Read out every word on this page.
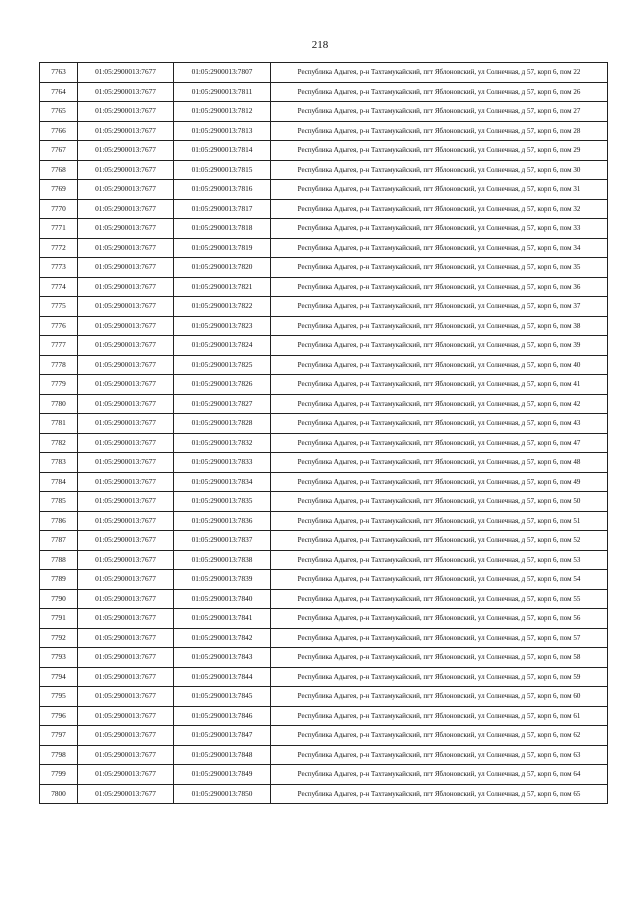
218
7763	01:05:2900013:7677	01:05:2900013:7807	Республика Адыгея, р-н Тахтамукайский, пгт Яблоновский, ул Солнечная, д 57, корп 6, пом 22
7764	01:05:2900013:7677	01:05:2900013:7811	Республика Адыгея, р-н Тахтамукайский, пгт Яблоновский, ул Солнечная, д 57, корп 6, пом 26
7765	01:05:2900013:7677	01:05:2900013:7812	Республика Адыгея, р-н Тахтамукайский, пгт Яблоновский, ул Солнечная, д 57, корп 6, пом 27
7766	01:05:2900013:7677	01:05:2900013:7813	Республика Адыгея, р-н Тахтамукайский, пгт Яблоновский, ул Солнечная, д 57, корп 6, пом 28
7767	01:05:2900013:7677	01:05:2900013:7814	Республика Адыгея, р-н Тахтамукайский, пгт Яблоновский, ул Солнечная, д 57, корп 6, пом 29
7768	01:05:2900013:7677	01:05:2900013:7815	Республика Адыгея, р-н Тахтамукайский, пгт Яблоновский, ул Солнечная, д 57, корп 6, пом 30
7769	01:05:2900013:7677	01:05:2900013:7816	Республика Адыгея, р-н Тахтамукайский, пгт Яблоновский, ул Солнечная, д 57, корп 6, пом 31
7770	01:05:2900013:7677	01:05:2900013:7817	Республика Адыгея, р-н Тахтамукайский, пгт Яблоновский, ул Солнечная, д 57, корп 6, пом 32
7771	01:05:2900013:7677	01:05:2900013:7818	Республика Адыгея, р-н Тахтамукайский, пгт Яблоновский, ул Солнечная, д 57, корп 6, пом 33
7772	01:05:2900013:7677	01:05:2900013:7819	Республика Адыгея, р-н Тахтамукайский, пгт Яблоновский, ул Солнечная, д 57, корп 6, пом 34
7773	01:05:2900013:7677	01:05:2900013:7820	Республика Адыгея, р-н Тахтамукайский, пгт Яблоновский, ул Солнечная, д 57, корп 6, пом 35
7774	01:05:2900013:7677	01:05:2900013:7821	Республика Адыгея, р-н Тахтамукайский, пгт Яблоновский, ул Солнечная, д 57, корп 6, пом 36
7775	01:05:2900013:7677	01:05:2900013:7822	Республика Адыгея, р-н Тахтамукайский, пгт Яблоновский, ул Солнечная, д 57, корп 6, пом 37
7776	01:05:2900013:7677	01:05:2900013:7823	Республика Адыгея, р-н Тахтамукайский, пгт Яблоновский, ул Солнечная, д 57, корп 6, пом 38
7777	01:05:2900013:7677	01:05:2900013:7824	Республика Адыгея, р-н Тахтамукайский, пгт Яблоновский, ул Солнечная, д 57, корп 6, пом 39
7778	01:05:2900013:7677	01:05:2900013:7825	Республика Адыгея, р-н Тахтамукайский, пгт Яблоновский, ул Солнечная, д 57, корп 6, пом 40
7779	01:05:2900013:7677	01:05:2900013:7826	Республика Адыгея, р-н Тахтамукайский, пгт Яблоновский, ул Солнечная, д 57, корп 6, пом 41
7780	01:05:2900013:7677	01:05:2900013:7827	Республика Адыгея, р-н Тахтамукайский, пгт Яблоновский, ул Солнечная, д 57, корп 6, пом 42
7781	01:05:2900013:7677	01:05:2900013:7828	Республика Адыгея, р-н Тахтамукайский, пгт Яблоновский, ул Солнечная, д 57, корп 6, пом 43
7782	01:05:2900013:7677	01:05:2900013:7832	Республика Адыгея, р-н Тахтамукайский, пгт Яблоновский, ул Солнечная, д 57, корп 6, пом 47
7783	01:05:2900013:7677	01:05:2900013:7833	Республика Адыгея, р-н Тахтамукайский, пгт Яблоновский, ул Солнечная, д 57, корп 6, пом 48
7784	01:05:2900013:7677	01:05:2900013:7834	Республика Адыгея, р-н Тахтамукайский, пгт Яблоновский, ул Солнечная, д 57, корп 6, пом 49
7785	01:05:2900013:7677	01:05:2900013:7835	Республика Адыгея, р-н Тахтамукайский, пгт Яблоновский, ул Солнечная, д 57, корп 6, пом 50
7786	01:05:2900013:7677	01:05:2900013:7836	Республика Адыгея, р-н Тахтамукайский, пгт Яблоновский, ул Солнечная, д 57, корп 6, пом 51
7787	01:05:2900013:7677	01:05:2900013:7837	Республика Адыгея, р-н Тахтамукайский, пгт Яблоновский, ул Солнечная, д 57, корп 6, пом 52
7788	01:05:2900013:7677	01:05:2900013:7838	Республика Адыгея, р-н Тахтамукайский, пгт Яблоновский, ул Солнечная, д 57, корп 6, пом 53
7789	01:05:2900013:7677	01:05:2900013:7839	Республика Адыгея, р-н Тахтамукайский, пгт Яблоновский, ул Солнечная, д 57, корп 6, пом 54
7790	01:05:2900013:7677	01:05:2900013:7840	Республика Адыгея, р-н Тахтамукайский, пгт Яблоновский, ул Солнечная, д 57, корп 6, пом 55
7791	01:05:2900013:7677	01:05:2900013:7841	Республика Адыгея, р-н Тахтамукайский, пгт Яблоновский, ул Солнечная, д 57, корп 6, пом 56
7792	01:05:2900013:7677	01:05:2900013:7842	Республика Адыгея, р-н Тахтамукайский, пгт Яблоновский, ул Солнечная, д 57, корп 6, пом 57
7793	01:05:2900013:7677	01:05:2900013:7843	Республика Адыгея, р-н Тахтамукайский, пгт Яблоновский, ул Солнечная, д 57, корп 6, пом 58
7794	01:05:2900013:7677	01:05:2900013:7844	Республика Адыгея, р-н Тахтамукайский, пгт Яблоновский, ул Солнечная, д 57, корп 6, пом 59
7795	01:05:2900013:7677	01:05:2900013:7845	Республика Адыгея, р-н Тахтамукайский, пгт Яблоновский, ул Солнечная, д 57, корп 6, пом 60
7796	01:05:2900013:7677	01:05:2900013:7846	Республика Адыгея, р-н Тахтамукайский, пгт Яблоновский, ул Солнечная, д 57, корп 6, пом 61
7797	01:05:2900013:7677	01:05:2900013:7847	Республика Адыгея, р-н Тахтамукайский, пгт Яблоновский, ул Солнечная, д 57, корп 6, пом 62
7798	01:05:2900013:7677	01:05:2900013:7848	Республика Адыгея, р-н Тахтамукайский, пгт Яблоновский, ул Солнечная, д 57, корп 6, пом 63
7799	01:05:2900013:7677	01:05:2900013:7849	Республика Адыгея, р-н Тахтамукайский, пгт Яблоновский, ул Солнечная, д 57, корп 6, пом 64
7800	01:05:2900013:7677	01:05:2900013:7850	Республика Адыгея, р-н Тахтамукайский, пгт Яблоновский, ул Солнечная, д 57, корп 6, пом 65
